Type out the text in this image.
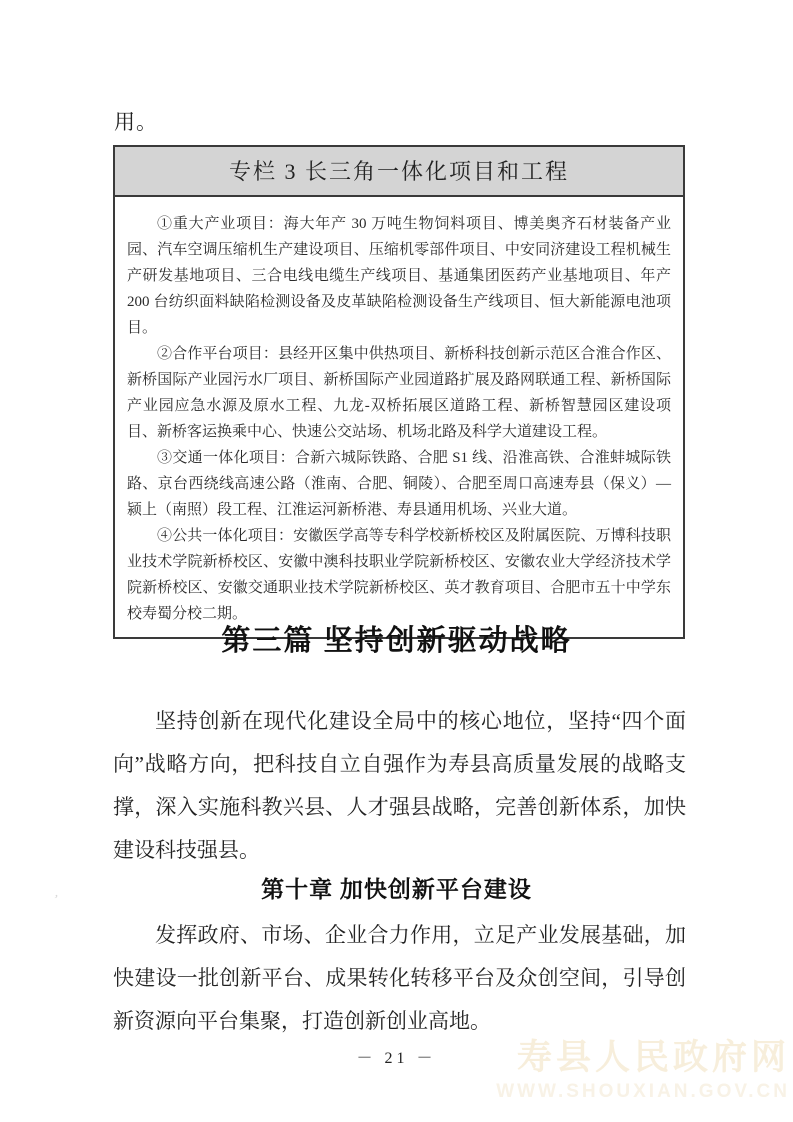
用。
专栏 3 长三角一体化项目和工程

①重大产业项目：海大年产 30 万吨生物饲料项目、博美奥齐石材装备产业园、汽车空调压缩机生产建设项目、压缩机零部件项目、中安同济建设工程机械生产研发基地项目、三合电线电缆生产线项目、基通集团医药产业基地项目、年产 200 台纺织面料缺陷检测设备及皮革缺陷检测设备生产线项目、恒大新能源电池项目。

②合作平台项目：县经开区集中供热项目、新桥科技创新示范区合淮合作区、新桥国际产业园污水厂项目、新桥国际产业园道路扩展及路网联通工程、新桥国际产业园应急水源及原水工程、九龙-双桥拓展区道路工程、新桥智慧园区建设项目、新桥客运换乘中心、快速公交站场、机场北路及科学大道建设工程。

③交通一体化项目：合新六城际铁路、合肥 S1 线、沿淮高铁、合淮蚌城际铁路、京台西绕线高速公路（淮南、合肥、铜陵）、合肥至周口高速寿县（保义）—颍上（南照）段工程、江淮运河新桥港、寿县通用机场、兴业大道。

④公共一体化项目：安徽医学高等专科学校新桥校区及附属医院、万博科技职业技术学院新桥校区、安徽中澳科技职业学院新桥校区、安徽农业大学经济技术学院新桥校区、安徽交通职业技术学院新桥校区、英才教育项目、合肥市五十中学东校寿蜀分校二期。

第三篇 坚持创新驱动战略

坚持创新在现代化建设全局中的核心地位，坚持“四个面向”战略方向，把科技自立自强作为寿县高质量发展的战略支撑，深入实施科教兴县、人才强县战略，完善创新体系，加快建设科技强县。

第十章 加快创新平台建设

发挥政府、市场、企业合力作用，立足产业发展基础，加快建设一批创新平台、成果转化转移平台及众创空间，引导创新资源向平台集聚，打造创新创业高地。

’
－ 21 －	寿县人民政府网
WWW.SHOUXIAN.GOV.CN
